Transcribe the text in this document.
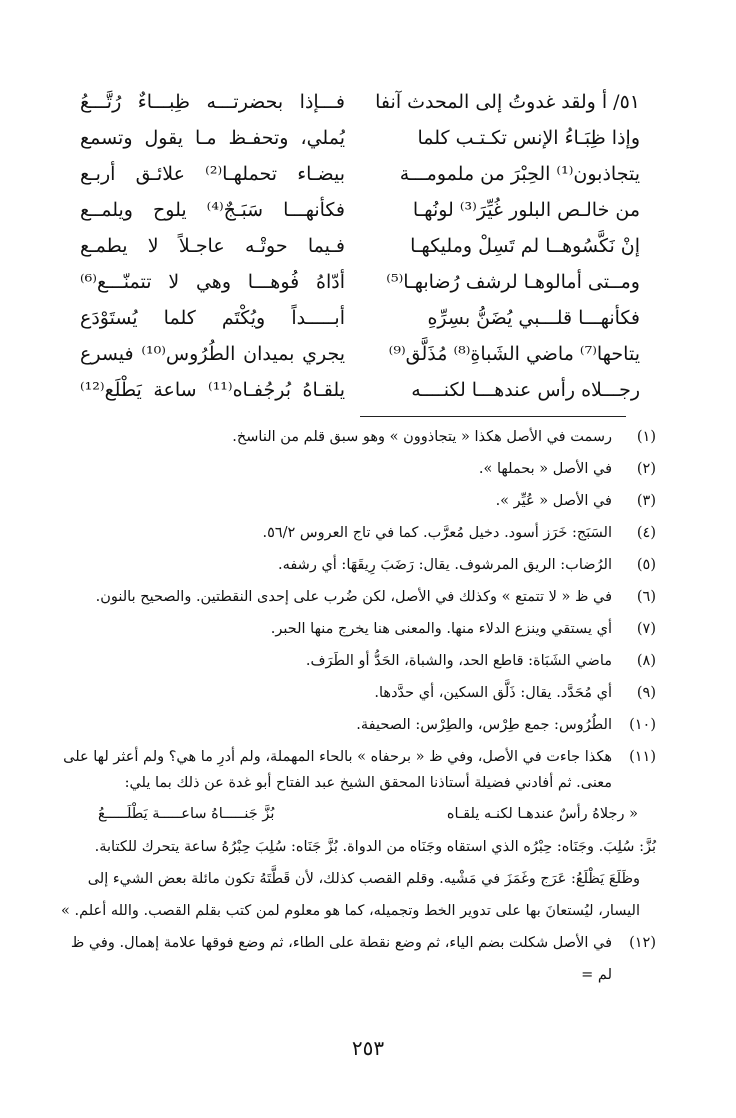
٥١/أ ولقد غدوتُ إلى المحدث آنفا
فـــإذا بحضرتـــه ظِبـــاءٌ رُتَّـــعُ
وإذا ظِبَـاءُ الإنس تكـتـب كلما
يُملي، وتحفـظ مـا يقول وتسمع
يتجاذبون⁽¹⁾ الحِبْرَ من ملمومـــة
بيضـاء تحملهـا⁽²⁾ علائـق أربـع
من خالـص البلور غُيِّرَ⁽³⁾ لونُهـا
فكأنهـــا سَبَـجٌ⁽⁴⁾ يلوح ويلمــع
إنْ نَكَّسُوهــا لم تَسِلْ ومليكهـا
فـيما حوتْـه عاجـلاً لا يطمـع
ومــتى أمالوهـا لرشف رُضابهـا⁽⁵⁾
أدّاهُ فُوهـــا وهي لا تتمنّـــع⁽⁶⁾
فكأنهـــا قلـــبي يُضَنُّ بسِرِّهِ
أبـــــداً ويُكْتَم كلما يُستَوْدَع
يتاحها⁽⁷⁾ ماضي الشَباةِ⁽⁸⁾ مُذَلَّق⁽⁹⁾
يجري بميدان الطُرُوس⁽¹⁰⁾ فيسرع
رجـــلاه رأس عندهـــا لكنــــه
يلقـاهُ بُرجُفـاه⁽¹¹⁾ ساعة يَطْلَع⁽¹²⁾
(١)
رسمت في الأصل هكذا « يتجاذوون » وهو سبق قلم من الناسخ.
(٢)
في الأصل « بحملها ».
(٣)
في الأصل « عُيِّر ».
(٤)
السَبَج: خَرَز أسود. دخيل مُعرَّب. كما في تاج العروس ٥٦/٢.
(٥)
الرُضاب: الريق المرشوف. يقال: رَضَبَ رِيقَهَا: أي رشفه.
(٦)
في ظ « لا تتمتع » وكذلك في الأصل، لكن ضُرب على إحدى النقطتين. والصحيح بالنون.
(٧)
أي يستقي وينزع الدلاء منها. والمعنى هنا يخرج منها الحبر.
(٨)
ماضي الشَبَاة: قاطع الحد، والشباة، الحَدُّ أو الطَرَف.
(٩)
أي مُحَدَّد. يقال: ذَلَّق السكين، أي حدَّدها.
(١٠)
الطُرُوس: جمع طِرْس، والطِرْس: الصحيفة.
(١١)
هكذا جاءت في الأصل، وفي ظ « برحفاه » بالحاء المهملة، ولم أدرِ ما هي؟ ولم أعثر لها على
معنى. ثم أفادني فضيلة أستاذنا المحقق الشيخ عبد الفتاح أبو غدة عن ذلك بما يلي:
« رجلاهُ رأسٌ عندهـا لكنـه يلقـاه
بُزَّ جَنـــــاهُ ساعـــــة يَطْلَـــــعُ
بُزَّ: سُلِبَ. وجَنَاه: حِبْرُه الذي استقاه وجَنَاه من الدواة. بُزَّ جَنَاه: سُلِبَ حِبْرُهُ ساعة يتحرك للكتابة.
وظَلَعَ يَظْلَعُ: عَرَج وغَمَزَ في مَشْيه. وقلم القصب كذلك، لأن قَطَّتَهُ تكون مائلة بعض الشيء إلى اليسار، ليُستعانَ بها على تدوير الخط وتجميله، كما هو معلوم لمن كتب بقلم القصب. والله أعلم. »
(١٢)
في الأصل شكلت بضم الياء، ثم وضع نقطة على الطاء، ثم وضع فوقها علامة إهمال. وفي ظ لم =
٢٥٣
